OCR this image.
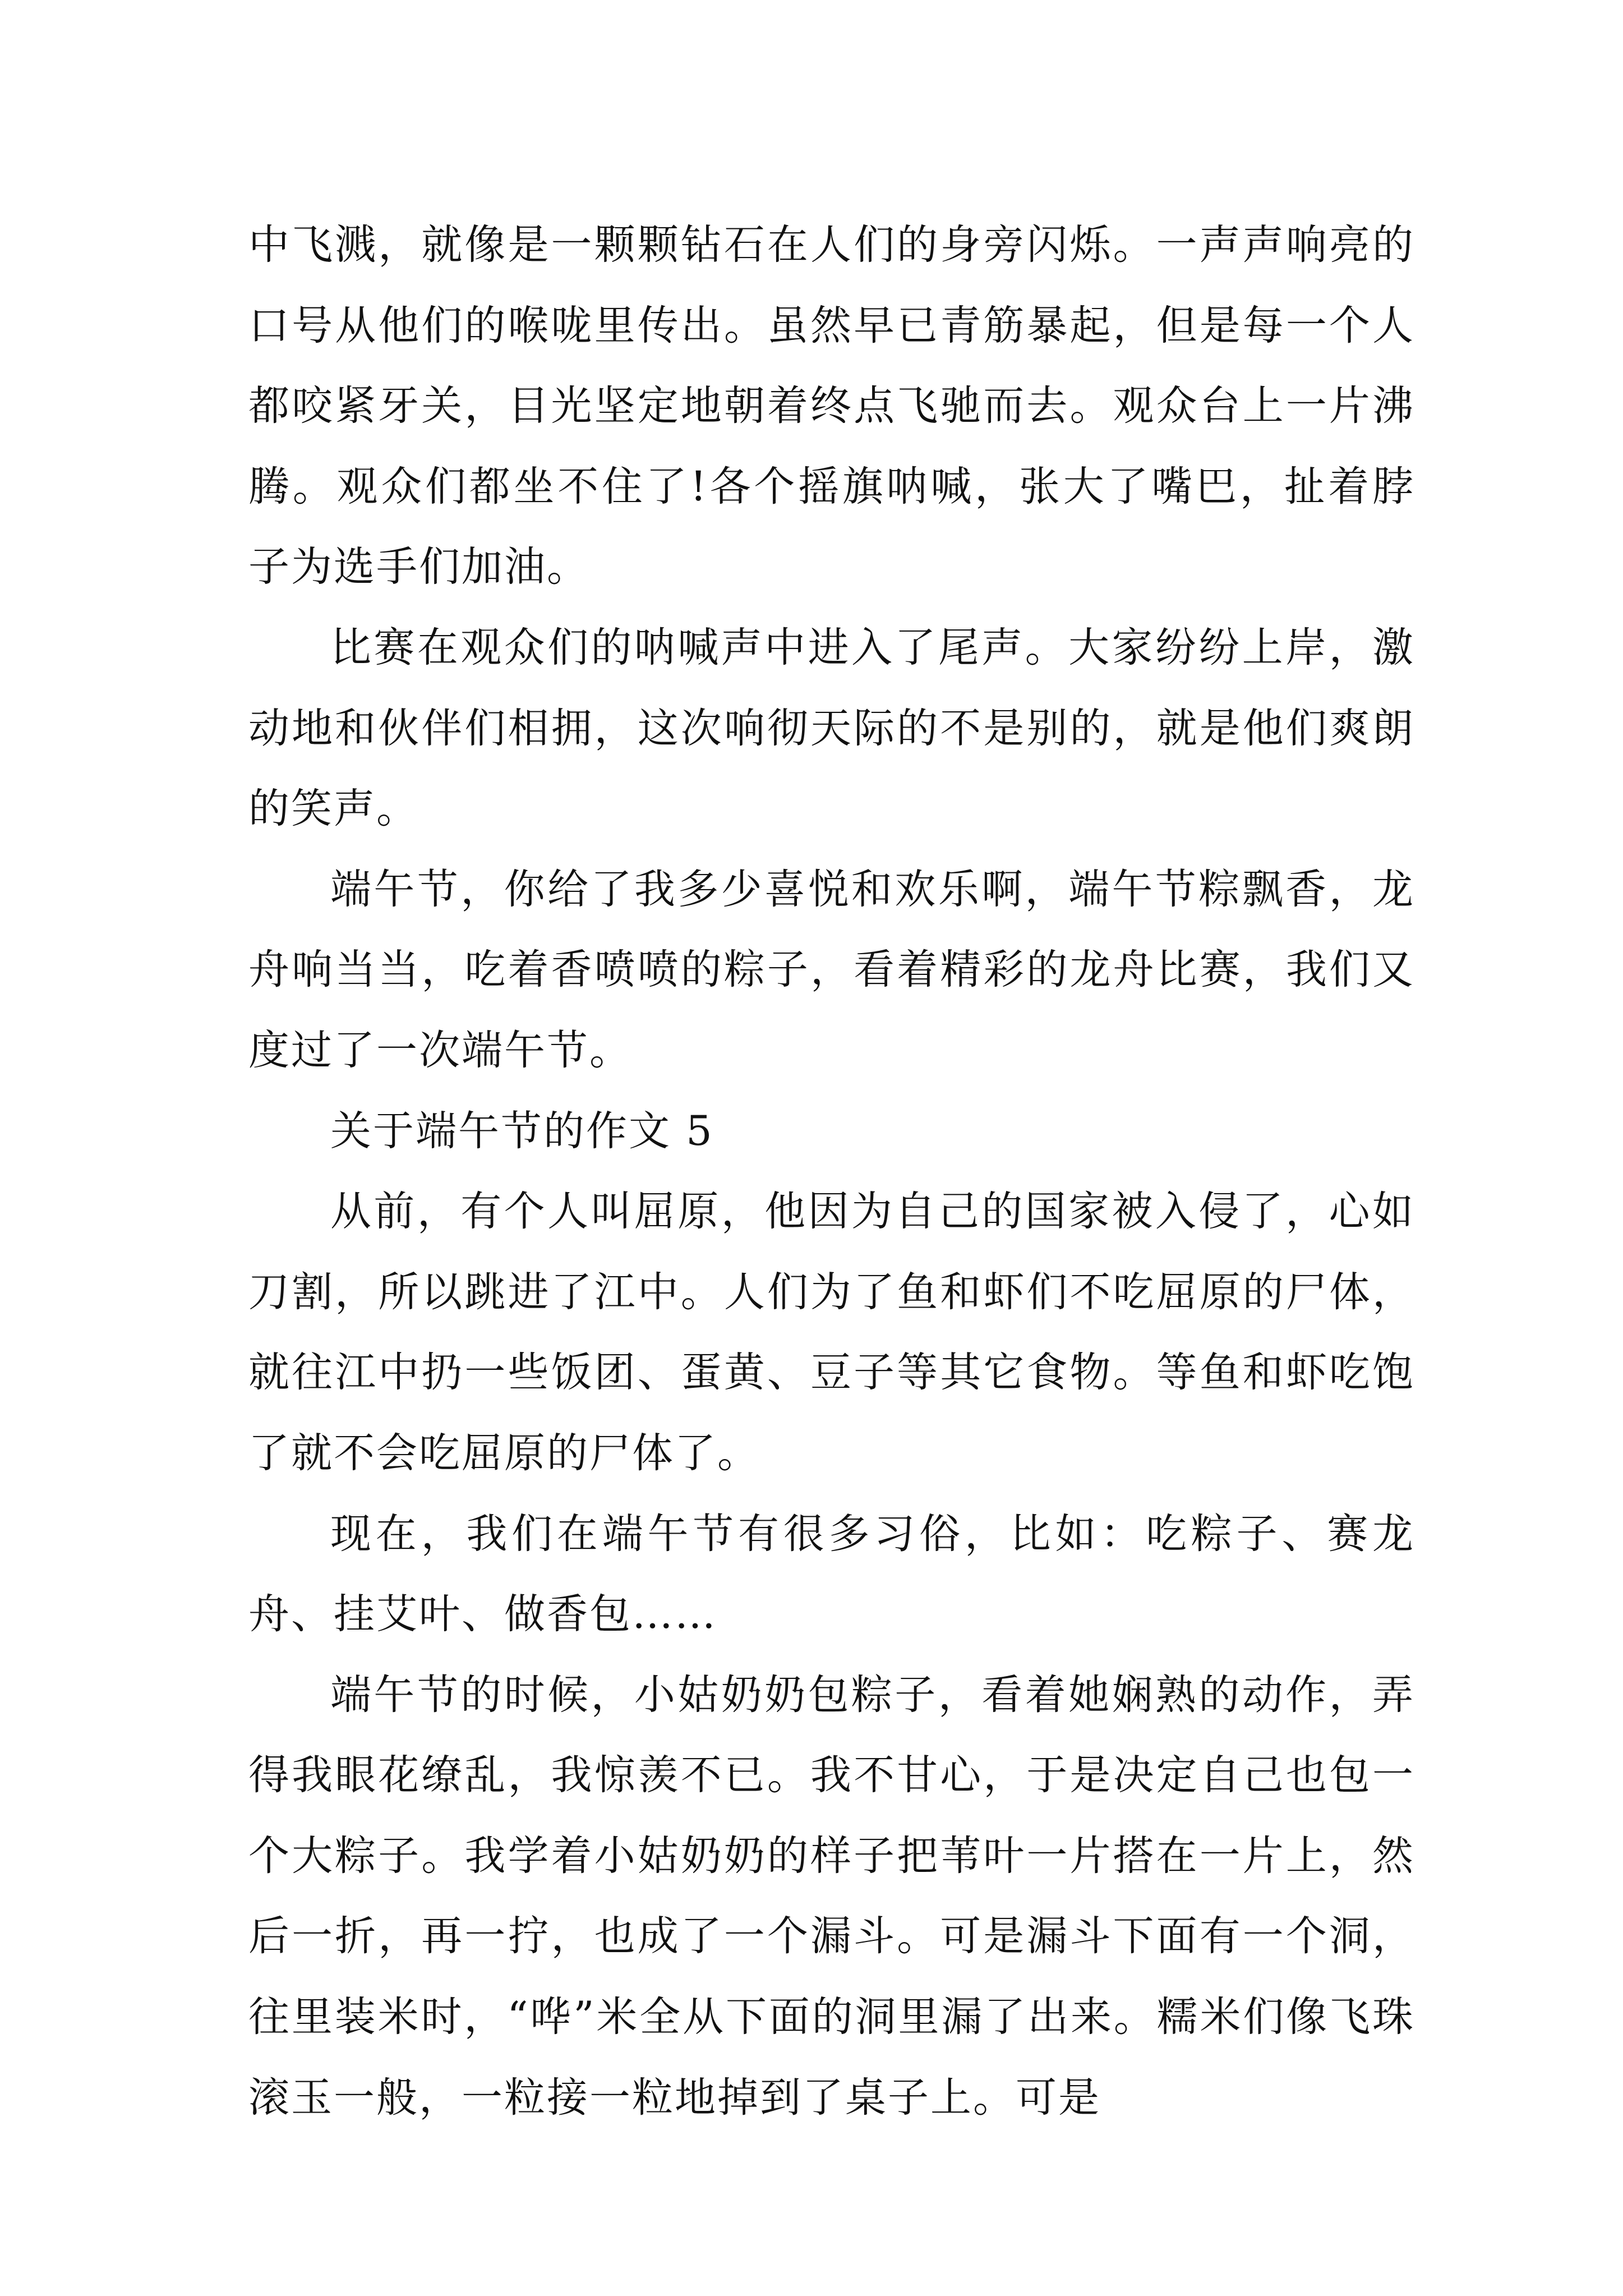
中飞溅，就像是一颗颗钻石在人们的身旁闪烁。一声声响亮的口号从他们的喉咙里传出。虽然早已青筋暴起，但是每一个人都咬紧牙关，目光坚定地朝着终点飞驰而去。观众台上一片沸腾。观众们都坐不住了!各个摇旗呐喊，张大了嘴巴，扯着脖子为选手们加油。

比赛在观众们的呐喊声中进入了尾声。大家纷纷上岸，激动地和伙伴们相拥，这次响彻天际的不是别的，就是他们爽朗的笑声。

端午节，你给了我多少喜悦和欢乐啊，端午节粽飘香，龙舟响当当，吃着香喷喷的粽子，看着精彩的龙舟比赛，我们又度过了一次端午节。

关于端午节的作文 5

从前，有个人叫屈原，他因为自己的国家被入侵了，心如刀割，所以跳进了江中。人们为了鱼和虾们不吃屈原的尸体，就往江中扔一些饭团、蛋黄、豆子等其它食物。等鱼和虾吃饱了就不会吃屈原的尸体了。

现在，我们在端午节有很多习俗，比如：吃粽子、赛龙舟、挂艾叶、做香包……

端午节的时候，小姑奶奶包粽子，看着她娴熟的动作，弄得我眼花缭乱，我惊羡不已。我不甘心，于是决定自己也包一个大粽子。我学着小姑奶奶的样子把苇叶一片搭在一片上，然后一折，再一拧，也成了一个漏斗。可是漏斗下面有一个洞，往里装米时，“哗”米全从下面的洞里漏了出来。糯米们像飞珠滚玉一般，一粒接一粒地掉到了桌子上。可是
